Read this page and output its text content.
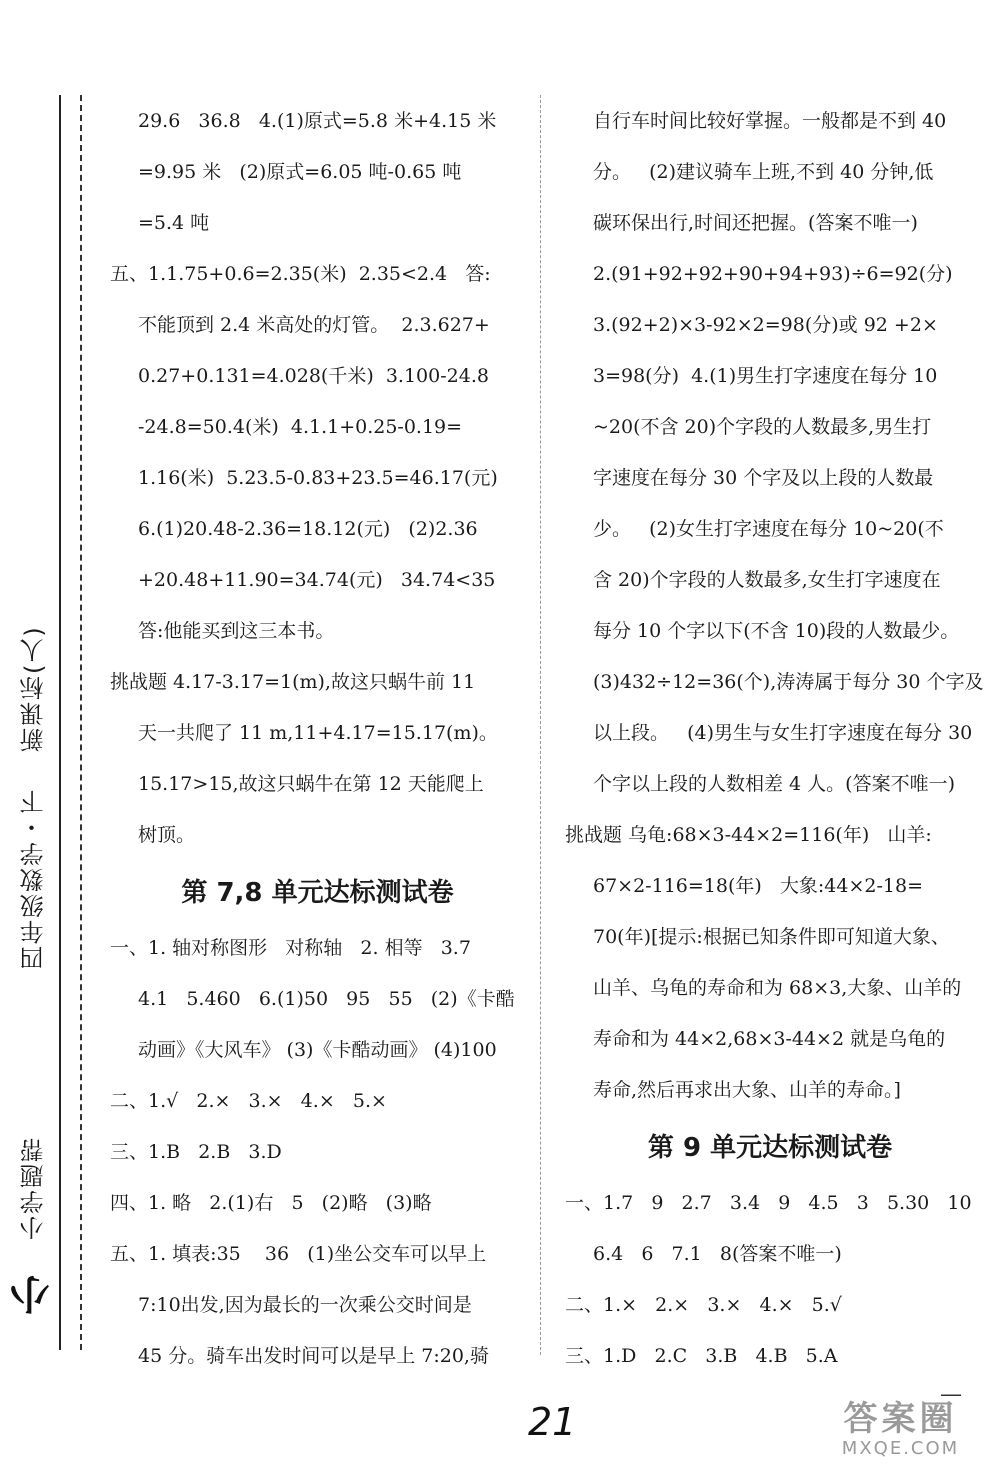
新课标(人)
四年级数学・下
小学题帮
小

29.6   36.8   4.(1)原式=5.8 米+4.15 米

=9.95 米   (2)原式=6.05 吨-0.65 吨

=5.4 吨

五、1.1.75+0.6=2.35(米)  2.35<2.4   答:

不能顶到 2.4 米高处的灯管。  2.3.627+

0.27+0.131=4.028(千米)  3.100-24.8

-24.8=50.4(米)  4.1.1+0.25-0.19=

1.16(米)  5.23.5-0.83+23.5=46.17(元)

6.(1)20.48-2.36=18.12(元)   (2)2.36

+20.48+11.90=34.74(元)   34.74<35

答:他能买到这三本书。

挑战题 4.17-3.17=1(m),故这只蜗牛前 11

天一共爬了 11 m,11+4.17=15.17(m)。

15.17>15,故这只蜗牛在第 12 天能爬上

树顶。

第 7,8 单元达标测试卷

一、1. 轴对称图形   对称轴   2. 相等   3.7

4.1   5.460   6.(1)50   95   55   (2)《卡酷

动画》《大风车》 (3)《卡酷动画》 (4)100

二、1.√   2.×   3.×   4.×   5.×

三、1.B   2.B   3.D

四、1. 略   2.(1)右   5   (2)略   (3)略

五、1. 填表:35    36   (1)坐公交车可以早上

7:10出发,因为最长的一次乘公交时间是

45 分。骑车出发时间可以是早上 7:20,骑

自行车时间比较好掌握。一般都是不到 40

分。   (2)建议骑车上班,不到 40 分钟,低

碳环保出行,时间还把握。(答案不唯一)

2.(91+92+92+90+94+93)÷6=92(分)

3.(92+2)×3-92×2=98(分)或 92 +2×

3=98(分)  4.(1)男生打字速度在每分 10

~20(不含 20)个字段的人数最多,男生打

字速度在每分 30 个字及以上段的人数最

少。   (2)女生打字速度在每分 10~20(不

含 20)个字段的人数最多,女生打字速度在

每分 10 个字以下(不含 10)段的人数最少。

(3)432÷12=36(个),涛涛属于每分 30 个字及

以上段。   (4)男生与女生打字速度在每分 30

个字以上段的人数相差 4 人。(答案不唯一)

挑战题 乌龟:68×3-44×2=116(年)   山羊:

67×2-116=18(年)   大象:44×2-18=

70(年)[提示:根据已知条件即可知道大象、

山羊、乌龟的寿命和为 68×3,大象、山羊的

寿命和为 44×2,68×3-44×2 就是乌龟的

寿命,然后再求出大象、山羊的寿命。]

第 9 单元达标测试卷

一、1.7   9   2.7   3.4   9   4.5   3   5.30   10

6.4   6   7.1   8(答案不唯一)

二、1.×   2.×   3.×   4.×   5.√

三、1.D   2.C   3.B   4.B   5.A

—
21	答案圈
MXQE.COM
